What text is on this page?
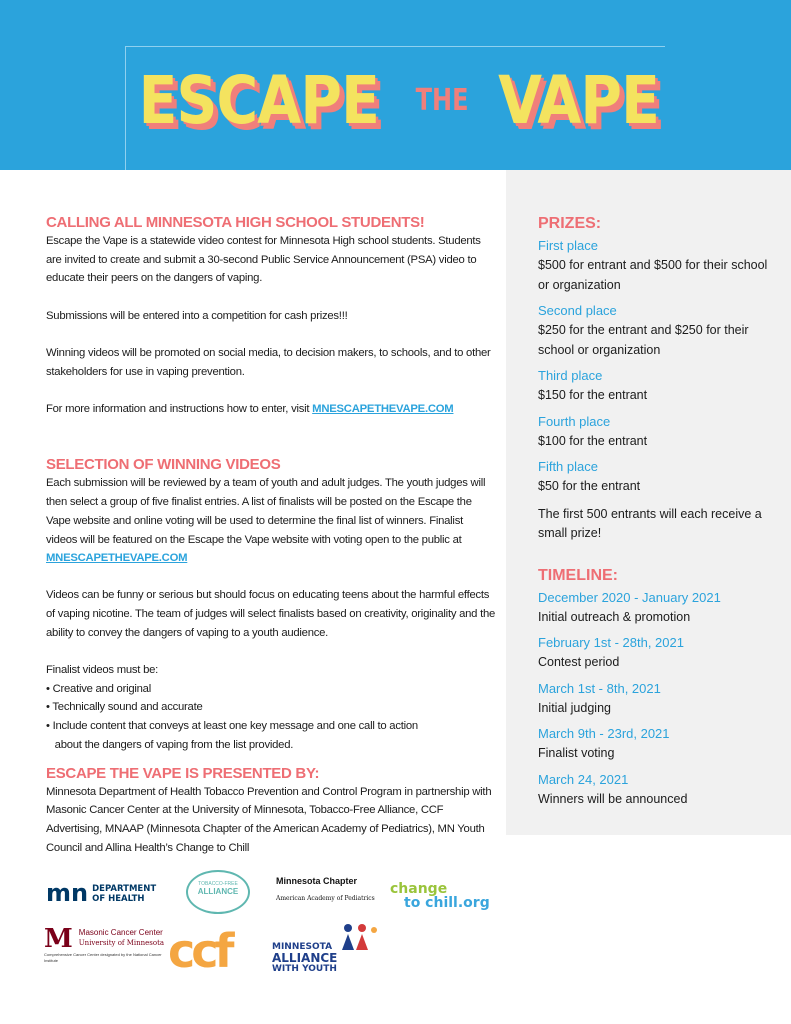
ESCAPE THE VAPE
CALLING ALL MINNESOTA HIGH SCHOOL STUDENTS!

Escape the Vape is a statewide video contest for Minnesota High school students. Students are invited to create and submit a 30-second Public Service Announcement (PSA) video to educate their peers on the dangers of vaping.

Submissions will be entered into a competition for cash prizes!!!

Winning videos will be promoted on social media, to decision makers, to schools, and to other stakeholders for use in vaping prevention.

For more information and instructions how to enter, visit MNESCAPETHEVAPE.COM

SELECTION OF WINNING VIDEOS

Each submission will be reviewed by a team of youth and adult judges. The youth judges will then select a group of five finalist entries. A list of finalists will be posted on the Escape the Vape website and online voting will be used to determine the final list of winners. Finalist videos will be featured on the Escape the Vape website with voting open to the public at MNESCAPETHEVAPE.COM

Videos can be funny or serious but should focus on educating teens about the harmful effects of vaping nicotine. The team of judges will select finalists based on creativity, originality and the ability to convey the dangers of vaping to a youth audience.

Finalist videos must be:

• Creative and original

• Technically sound and accurate

• Include content that conveys at least one key message and one call to action

about the dangers of vaping from the list provided.

ESCAPE THE VAPE IS PRESENTED BY:

Minnesota Department of Health Tobacco Prevention and Control Program in partnership with Masonic Cancer Center at the University of Minnesota, Tobacco-Free Alliance, CCF Advertising, MNAAP (Minnesota Chapter of the American Academy of Pediatrics), MN Youth Council and Allina Health’s Change to Chill

PRIZES:
First place
$500 for entrant and $500 for their school or organization
Second place
$250 for the entrant and $250 for their school or organization
Third place
$150 for the entrant
Fourth place
$100 for the entrant
Fifth place
$50 for the entrant
The first 500 entrants will each receive a small prize!
TIMELINE:
December 2020 - January 2021
Initial outreach & promotion
February 1st - 28th, 2021
Contest period
March 1st - 8th, 2021
Initial judging
March 9th - 23rd, 2021
Finalist voting
March 24, 2021
Winners will be announced
mn DEPARTMENT
OF HEALTH
TOBACCO-FREE
ALLIANCE
Minnesota Chapter
American Academy of Pediatrics
change
to chill.org
M Masonic Cancer Center
University of Minnesota
Comprehensive Cancer Center designated by the National Cancer Institute	ccf	MINNESOTA
ALLIANCE
WITH YOUTH
